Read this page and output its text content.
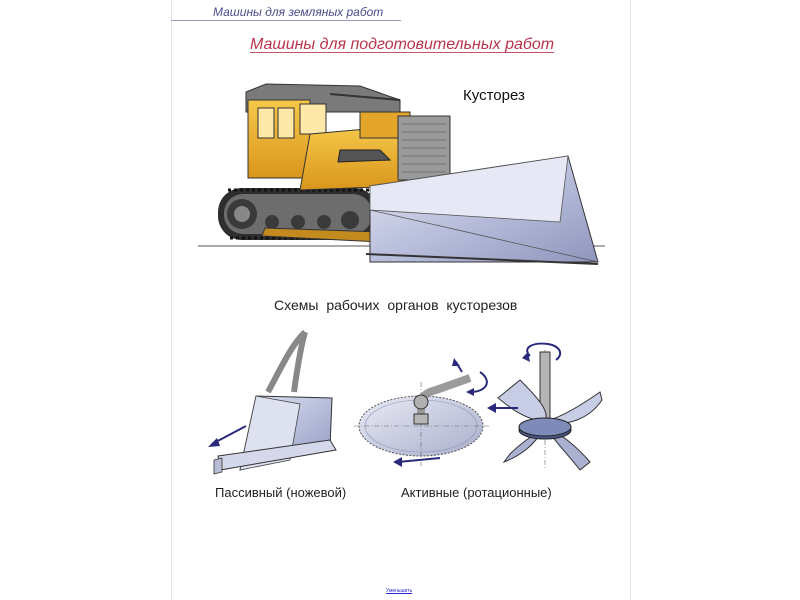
Машины для земляных работ
Машины для подготовительных работ
Кусторез
Схемы рабочих органов кусторезов
Пассивный (ножевой)	Активные (ротационные)
Уменьшить
